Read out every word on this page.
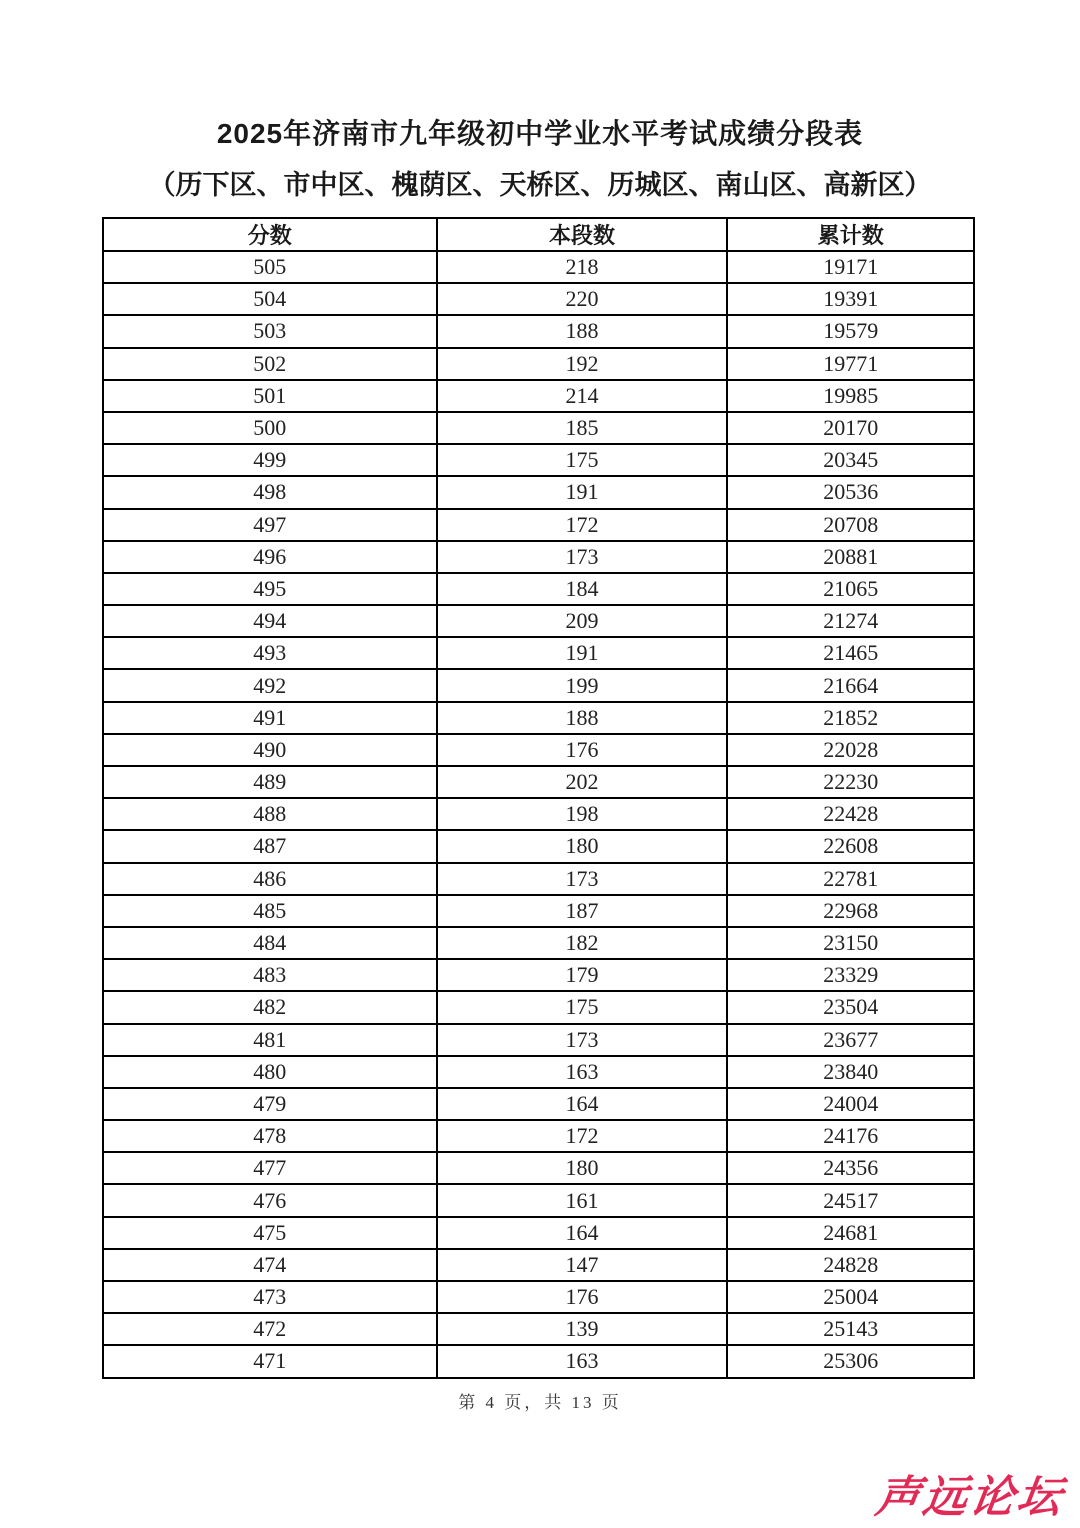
2025年济南市九年级初中学业水平考试成绩分段表
（历下区、市中区、槐荫区、天桥区、历城区、南山区、高新区）
分数	本段数	累计数
505	218	19171
504	220	19391
503	188	19579
502	192	19771
501	214	19985
500	185	20170
499	175	20345
498	191	20536
497	172	20708
496	173	20881
495	184	21065
494	209	21274
493	191	21465
492	199	21664
491	188	21852
490	176	22028
489	202	22230
488	198	22428
487	180	22608
486	173	22781
485	187	22968
484	182	23150
483	179	23329
482	175	23504
481	173	23677
480	163	23840
479	164	24004
478	172	24176
477	180	24356
476	161	24517
475	164	24681
474	147	24828
473	176	25004
472	139	25143
471	163	25306
第 4 页，共 13 页
声远论坛
